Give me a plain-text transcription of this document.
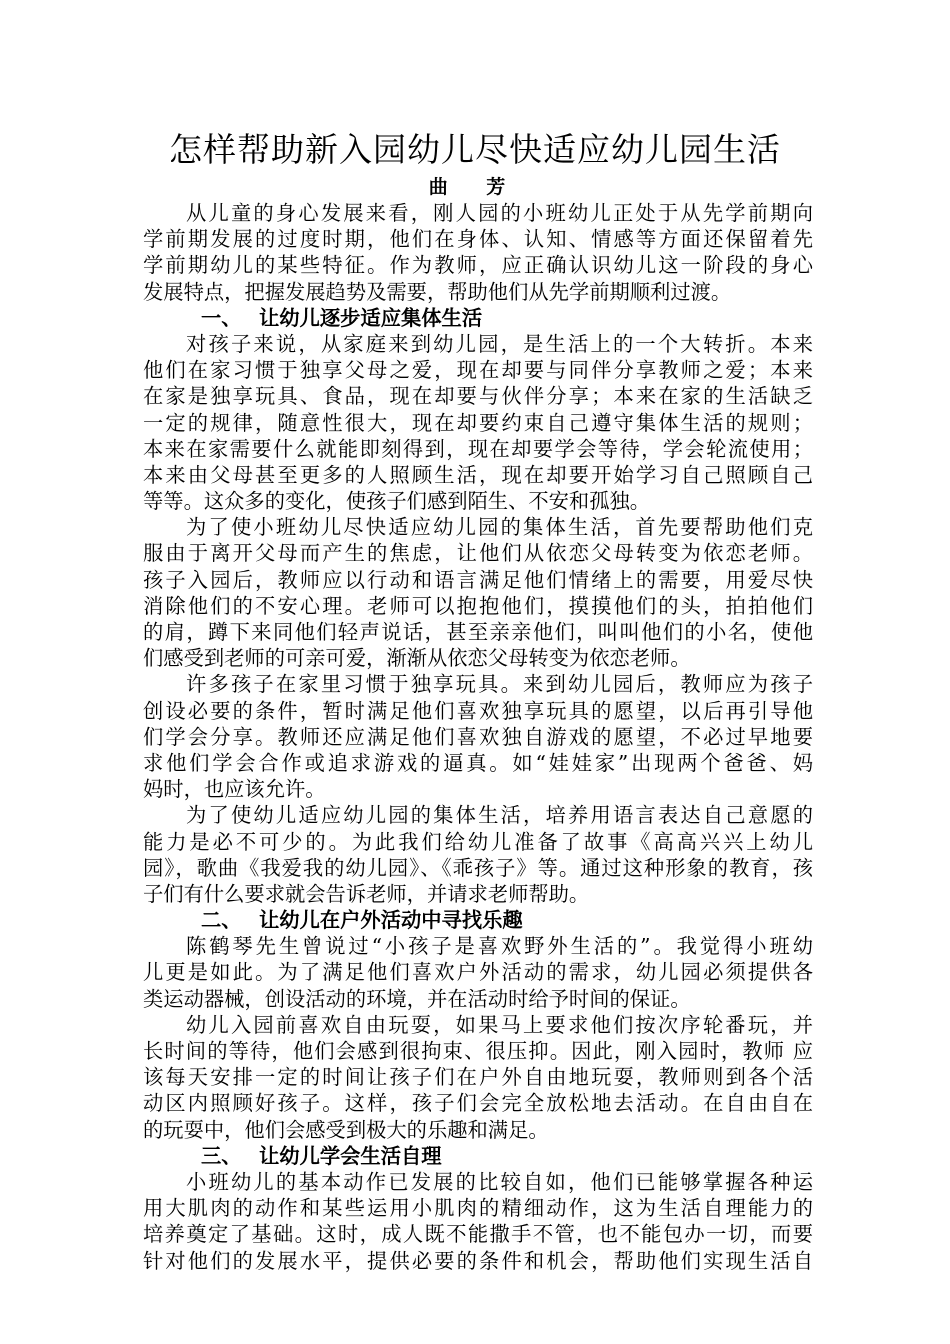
怎样帮助新入园幼儿尽快适应幼儿园生活
曲 芳
从儿童的身心发展来看，刚人园的小班幼儿正处于从先学前期向
学前期发展的过度时期，他们在身体、认知、情感等方面还保留着先
学前期幼儿的某些特征。作为教师，应正确认识幼儿这一阶段的身心
发展特点，把握发展趋势及需要，帮助他们从先学前期顺利过渡。
一、 让幼儿逐步适应集体生活
对孩子来说，从家庭来到幼儿园，是生活上的一个大转折。本来
他们在家习惯于独享父母之爱，现在却要与同伴分享教师之爱；本来
在家是独享玩具、食品，现在却要与伙伴分享；本来在家的生活缺乏
一定的规律，随意性很大，现在却要约束自己遵守集体生活的规则；
本来在家需要什么就能即刻得到，现在却要学会等待，学会轮流使用；
本来由父母甚至更多的人照顾生活，现在却要开始学习自己照顾自己
等等。这众多的变化，使孩子们感到陌生、不安和孤独。
为了使小班幼儿尽快适应幼儿园的集体生活，首先要帮助他们克
服由于离开父母而产生的焦虑，让他们从依恋父母转变为依恋老师。
孩子入园后，教师应以行动和语言满足他们情绪上的需要，用爱尽快
消除他们的不安心理。老师可以抱抱他们，摸摸他们的头，拍拍他们
的肩，蹲下来同他们轻声说话，甚至亲亲他们，叫叫他们的小名，使他
们感受到老师的可亲可爱，渐渐从依恋父母转变为依恋老师。
许多孩子在家里习惯于独享玩具。来到幼儿园后，教师应为孩子
创设必要的条件，暂时满足他们喜欢独享玩具的愿望，以后再引导他
们学会分享。教师还应满足他们喜欢独自游戏的愿望，不必过早地要
求他们学会合作或追求游戏的逼真。如“娃娃家”出现两个爸爸、妈
妈时，也应该允许。
为了使幼儿适应幼儿园的集体生活，培养用语言表达自己意愿的
能力是必不可少的。为此我们给幼儿准备了故事《高高兴兴上幼儿
园》，歌曲《我爱我的幼儿园》、《乖孩子》等。通过这种形象的教育，孩
子们有什么要求就会告诉老师，并请求老师帮助。
二、 让幼儿在户外活动中寻找乐趣
陈鹤琴先生曾说过“小孩子是喜欢野外生活的”。我觉得小班幼
儿更是如此。为了满足他们喜欢户外活动的需求，幼儿园必须提供各
类运动器械，创设活动的环境，并在活动时给予时间的保证。
幼儿入园前喜欢自由玩耍，如果马上要求他们按次序轮番玩，并
长时间的等待，他们会感到很拘束、很压抑。因此，刚入园时，教师 应
该每天安排一定的时间让孩子们在户外自由地玩耍，教师则到各个活
动区内照顾好孩子。这样，孩子们会完全放松地去活动。在自由自在
的玩耍中，他们会感受到极大的乐趣和满足。
三、 让幼儿学会生活自理
小班幼儿的基本动作已发展的比较自如，他们已能够掌握各种运
用大肌肉的动作和某些运用小肌肉的精细动作，这为生活自理能力的
培养奠定了基础。这时，成人既不能撒手不管，也不能包办一切，而要
针对他们的发展水平，提供必要的条件和机会，帮助他们实现生活自
